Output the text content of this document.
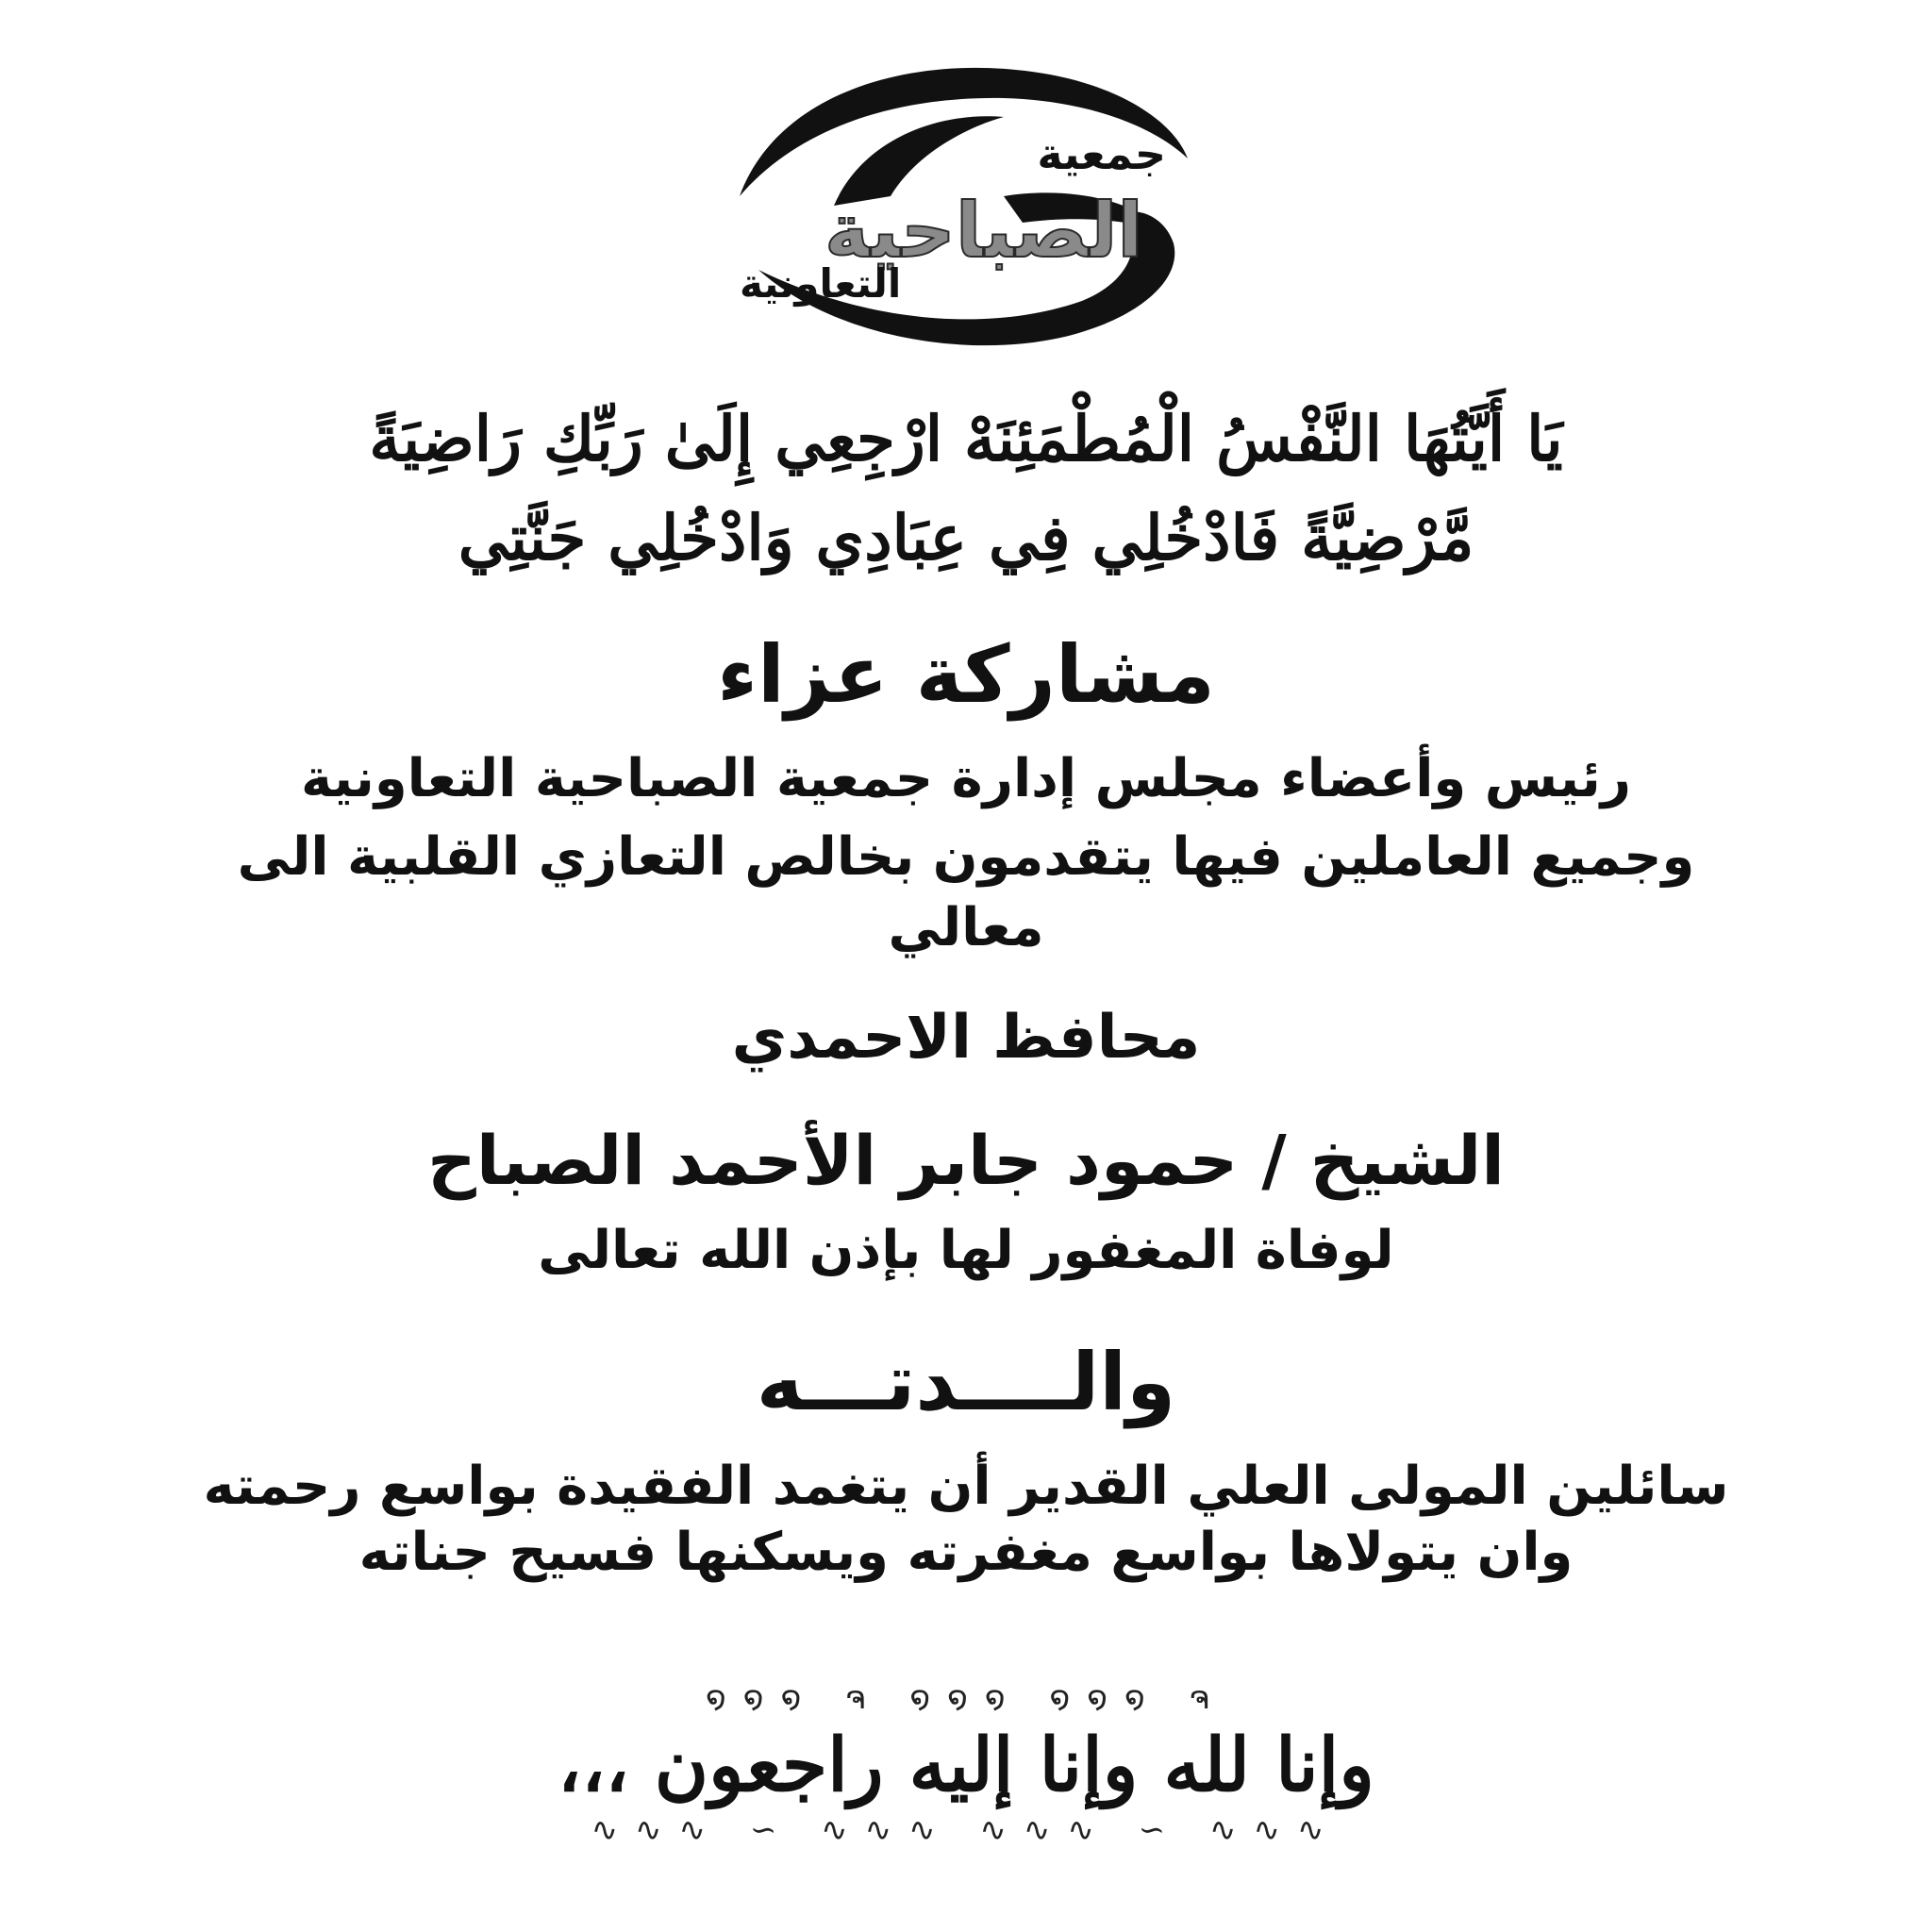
جمعية
الصباحية
التعاونية
يَا أَيَّتُهَا النَّفْسُ الْمُطْمَئِنَهْ ارْجِعِي إِلَىٰ رَبِّكِ رَاضِيَةً
مَّرْضِيَّةً فَادْخُلِي فِي عِبَادِي وَادْخُلِي جَنَّتِي
مشاركة عزاء
رئيس وأعضاء مجلس إدارة جمعية الصباحية التعاونية
وجميع العاملين فيها يتقدمون بخالص التعازي القلبية الى
معالي
محافظ الاحمدي
الشيخ / حمود جابر الأحمد الصباح
لوفاة المغفور لها بإذن الله تعالى
والــــدتـــه
سائلين المولى العلي القدير أن يتغمد الفقيدة بواسع رحمته
وان يتولاها بواسع مغفرته ويسكنها فسيح جناته
໑໑໑ ຈ ໑໑໑ ໑໑໑ ຈ
وإنا لله وإنا إليه راجعون ،،،
∿∿∿ ∽ ∿∿∿ ∿∿∿ ∽ ∿∿∿
